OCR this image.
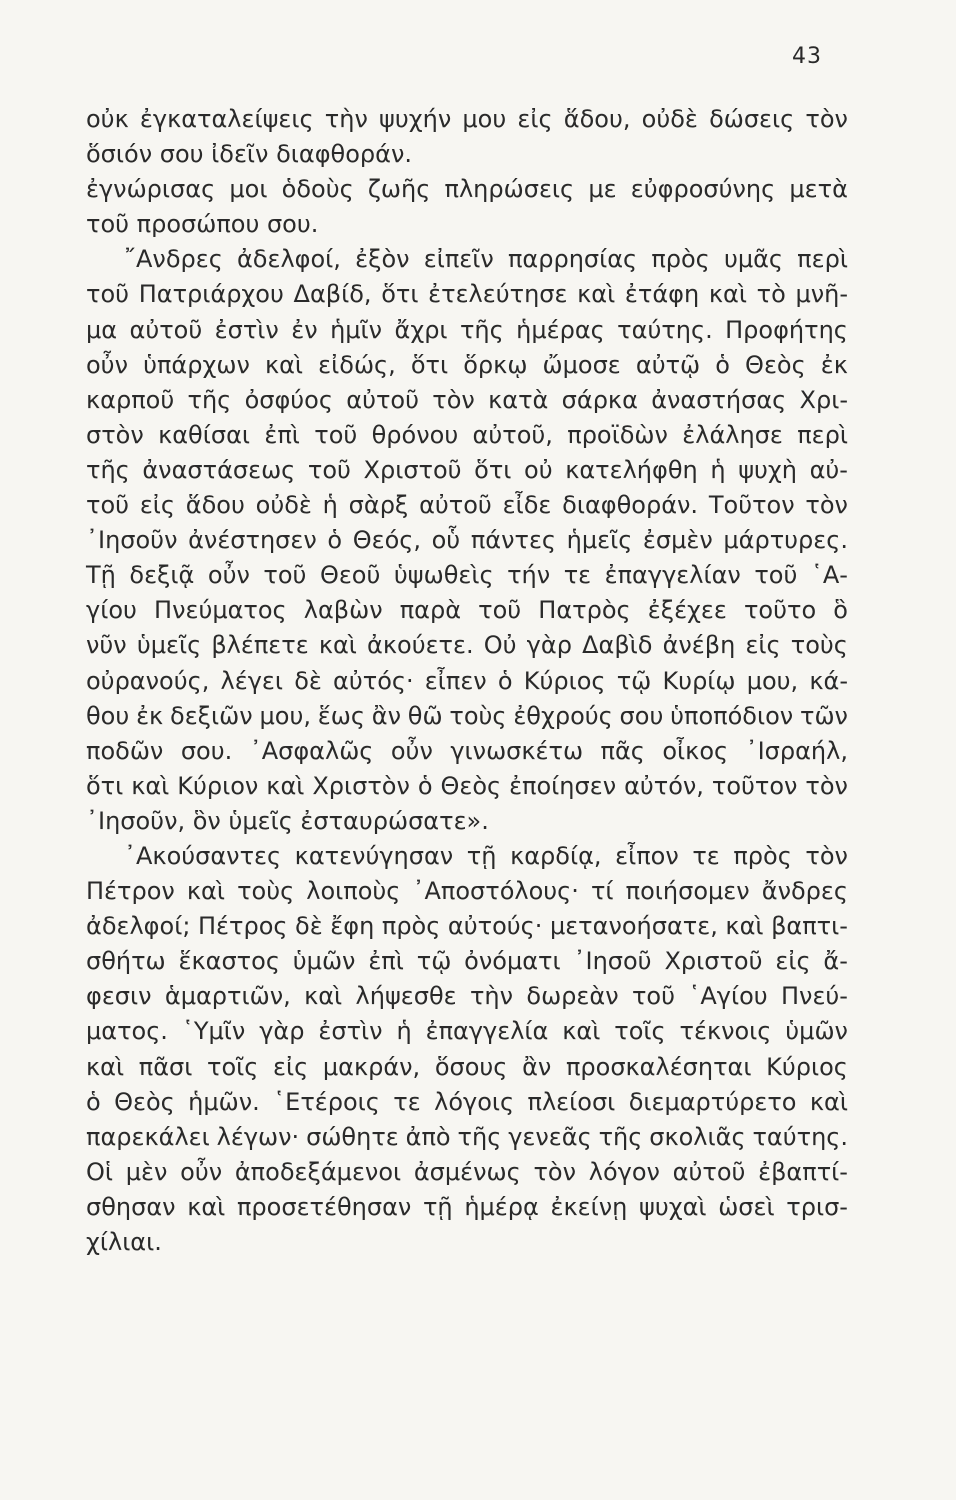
43
οὐκ ἐγκαταλείψεις τὴν ψυχήν μου εἰς ἅδου, οὐδὲ δώσεις τὸν
ὅσιόν σου ἰδεῖν διαφθοράν.
ἐγνώρισας μοι ὁδοὺς ζωῆς πληρώσεις με εὐφροσύνης μετὰ
τοῦ προσώπου σου.
῎Ανδρες ἀδελφοί, ἐξὸν εἰπεῖν παρρησίας πρὸς υμᾶς περὶ
τοῦ Πατριάρχου Δαβίδ, ὅτι ἐτελεύτησε καὶ ἐτάφη καὶ τὸ μνῆ-
μα αὐτοῦ ἐστὶν ἐν ἡμῖν ἄχρι τῆς ἡμέρας ταύτης. Προφήτης
οὖν ὑπάρχων καὶ εἰδώς, ὅτι ὅρκῳ ὤμοσε αὐτῷ ὁ Θεὸς ἐκ
καρποῦ τῆς ὀσφύος αὐτοῦ τὸν κατὰ σάρκα ἀναστήσας Χρι-
στὸν καθίσαι ἐπὶ τοῦ θρόνου αὐτοῦ, προϊδὼν ἐλάλησε περὶ
τῆς ἀναστάσεως τοῦ Χριστοῦ ὅτι οὐ κατελήφθη ἡ ψυχὴ αὐ-
τοῦ εἰς ἅδου οὐδὲ ἡ σὰρξ αὐτοῦ εἶδε διαφθοράν. Τοῦτον τὸν
᾿Ιησοῦν ἀνέστησεν ὁ Θεός, οὗ πάντες ἡμεῖς ἐσμὲν μάρτυρες.
Τῇ δεξιᾷ οὖν τοῦ Θεοῦ ὑψωθεὶς τήν τε ἐπαγγελίαν τοῦ ῾Α-
γίου Πνεύματος λαβὼν παρὰ τοῦ Πατρὸς ἐξέχεε τοῦτο ὃ
νῦν ὑμεῖς βλέπετε καὶ ἀκούετε. Οὐ γὰρ Δαβὶδ ἀνέβη εἰς τοὺς
οὐρανούς, λέγει δὲ αὐτός· εἶπεν ὁ Κύριος τῷ Κυρίῳ μου, κά-
θου ἐκ δεξιῶν μου, ἕως ἂν θῶ τοὺς ἐθχρούς σου ὑποπόδιον τῶν
ποδῶν σου. ᾿Ασφαλῶς οὖν γινωσκέτω πᾶς οἶκος ᾿Ισραήλ,
ὅτι καὶ Κύριον καὶ Χριστὸν ὁ Θεὸς ἐποίησεν αὐτόν, τοῦτον τὸν
᾿Ιησοῦν, ὃν ὑμεῖς ἐσταυρώσατε».
᾿Ακούσαντες κατενύγησαν τῇ καρδίᾳ, εἶπον τε πρὸς τὸν
Πέτρον καὶ τοὺς λοιποὺς ᾿Αποστόλους· τί ποιήσομεν ἄνδρες
ἀδελφοί; Πέτρος δὲ ἔφη πρὸς αὐτούς· μετανοήσατε, καὶ βαπτι-
σθήτω ἕκαστος ὑμῶν ἐπὶ τῷ ὀνόματι ᾿Ιησοῦ Χριστοῦ εἰς ἄ-
φεσιν ἁμαρτιῶν, καὶ λήψεσθε τὴν δωρεὰν τοῦ ῾Αγίου Πνεύ-
ματος. ῾Υμῖν γὰρ ἐστὶν ἡ ἐπαγγελία καὶ τοῖς τέκνοις ὑμῶν
καὶ πᾶσι τοῖς εἰς μακράν, ὅσους ἂν προσκαλέσηται Κύριος
ὁ Θεὸς ἡμῶν. ῾Ετέροις τε λόγοις πλείοσι διεμαρτύρετο καὶ
παρεκάλει λέγων· σώθητε ἀπὸ τῆς γενεᾶς τῆς σκολιᾶς ταύτης.
Οἱ μὲν οὖν ἀποδεξάμενοι ἀσμένως τὸν λόγον αὐτοῦ ἐβαπτί-
σθησαν καὶ προσετέθησαν τῇ ἡμέρᾳ ἐκείνῃ ψυχαὶ ὡσεὶ τρισ-
χίλιαι.
